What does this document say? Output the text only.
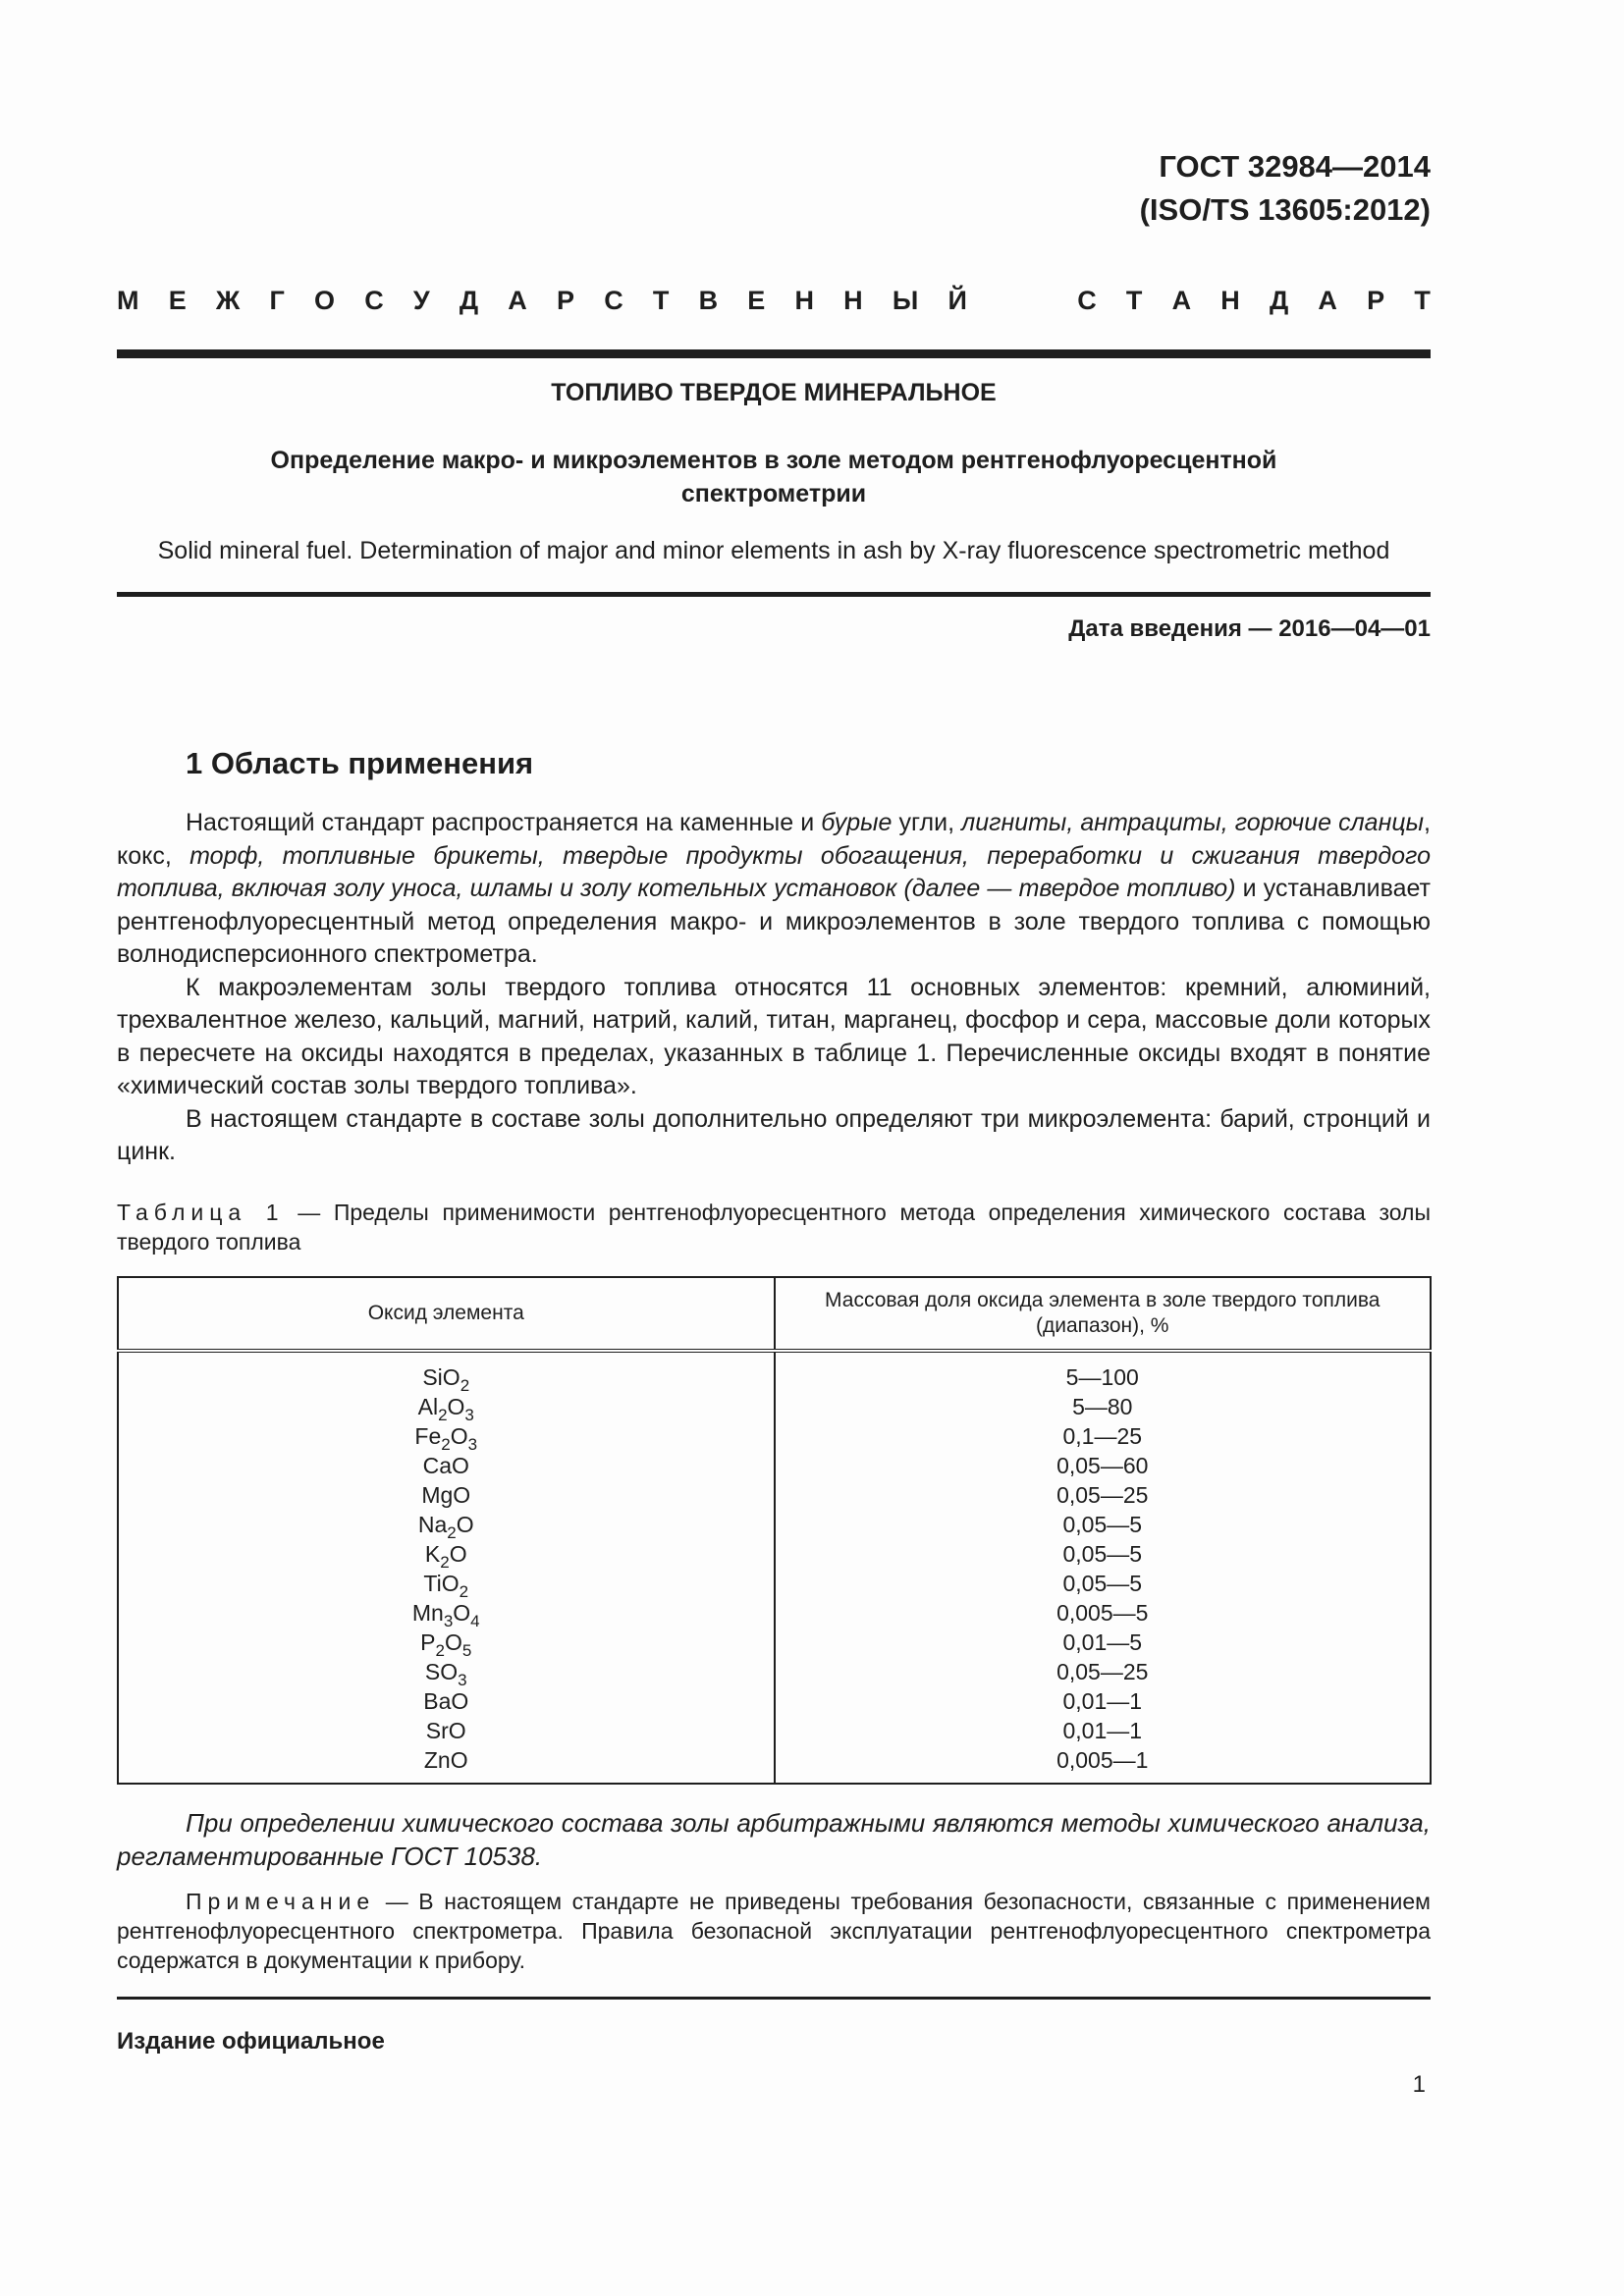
ГОСТ 32984—2014
(ISO/TS 13605:2012)
М Е Ж Г О С У Д А Р С Т В Е Н Н Ы Й	С Т А Н Д А Р Т
ТОПЛИВО ТВЕРДОЕ МИНЕРАЛЬНОЕ
Определение макро- и микроэлементов в золе методом рентгенофлуоресцентной
спектрометрии
Solid mineral fuel. Determination of major and minor elements in ash by X-ray fluorescence spectrometric method
Дата введения — 2016—04—01
1 Область применения

Настоящий стандарт распространяется на каменные и бурые угли, лигниты, антрациты, горючие сланцы, кокс, торф, топливные брикеты, твердые продукты обогащения, переработки и сжигания твердого топлива, включая золу уноса, шламы и золу котельных установок (далее — твердое топливо) и устанавливает рентгенофлуоресцентный метод определения макро- и микроэлементов в золе твердого топлива с помощью волнодисперсионного спектрометра.

К макроэлементам золы твердого топлива относятся 11 основных элементов: кремний, алюминий, трехвалентное железо, кальций, магний, натрий, калий, титан, марганец, фосфор и сера, массовые доли которых в пересчете на оксиды находятся в пределах, указанных в таблице 1. Перечисленные оксиды входят в понятие «химический состав золы твердого топлива».

В настоящем стандарте в составе золы дополнительно определяют три микроэлемента: барий, стронций и цинк.

Таблица 1 — Пределы применимости рентгенофлуоресцентного метода определения химического состава золы твердого топлива
Оксид элемента	Массовая доля оксида элемента в золе твердого топлива (диапазон), %
SiO$_2$	5—100
$Al_2O_3$	5—80
$Fe_2O_3$	0,1—25
CaO	0,05—60
MgO	0,05—25
$Na_2O$	0,05—5
$K_2O$	0,05—5
TiO$_2$	0,05—5
$Mn_3O_4$	0,005—5
$P_2O_5$	0,01—5
$SO_3$	0,05—25
BaO	0,01—1
SrO	0,01—1
ZnO	0,005—1
При определении химического состава золы арбитражными являются методы химического анализа, регламентированные ГОСТ 10538.
Примечание — В настоящем стандарте не приведены требования безопасности, связанные с применением рентгенофлуоресцентного спектрометра. Правила безопасной эксплуатации рентгенофлуоресцентного спектрометра содержатся в документации к прибору.
Издание официальное
1
